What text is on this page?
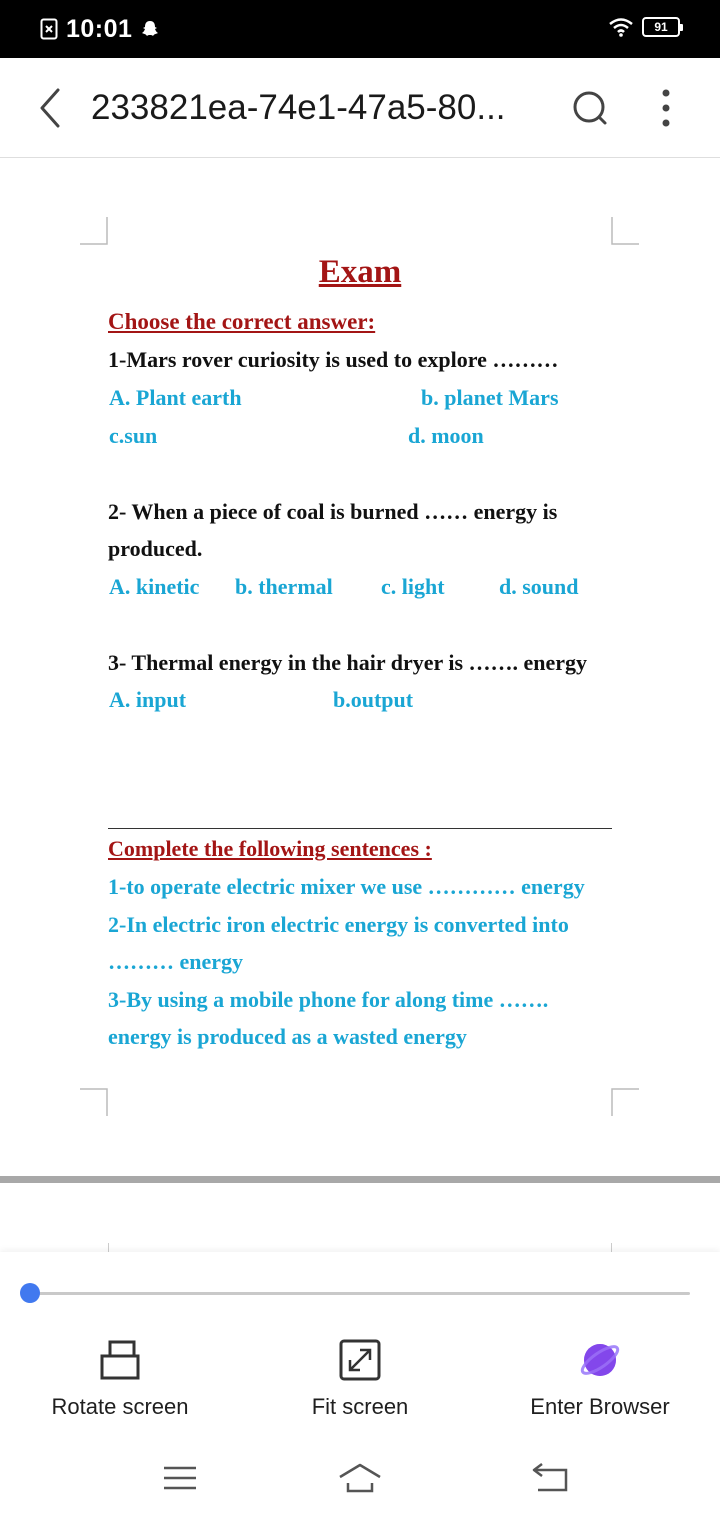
10:01	91
233821ea-74e1-47a5-80...
Exam
Choose the correct answer:
1-Mars rover curiosity is used to explore ………
A. Plant earth	b. planet Mars
c.sun	d. moon
2- When a piece of coal is burned …… energy is produced.
A. kinetic b. thermal c. light d. sound
3- Thermal energy in the hair dryer is ……. energy
A. input	b.output
Complete the following sentences :
1-to operate electric mixer we use ………… energy
2-In electric iron electric energy is converted into ……… energy
3-By using a mobile phone for along time ……. energy is produced as a wasted energy
Rotate screen	Fit screen	Enter Browser
